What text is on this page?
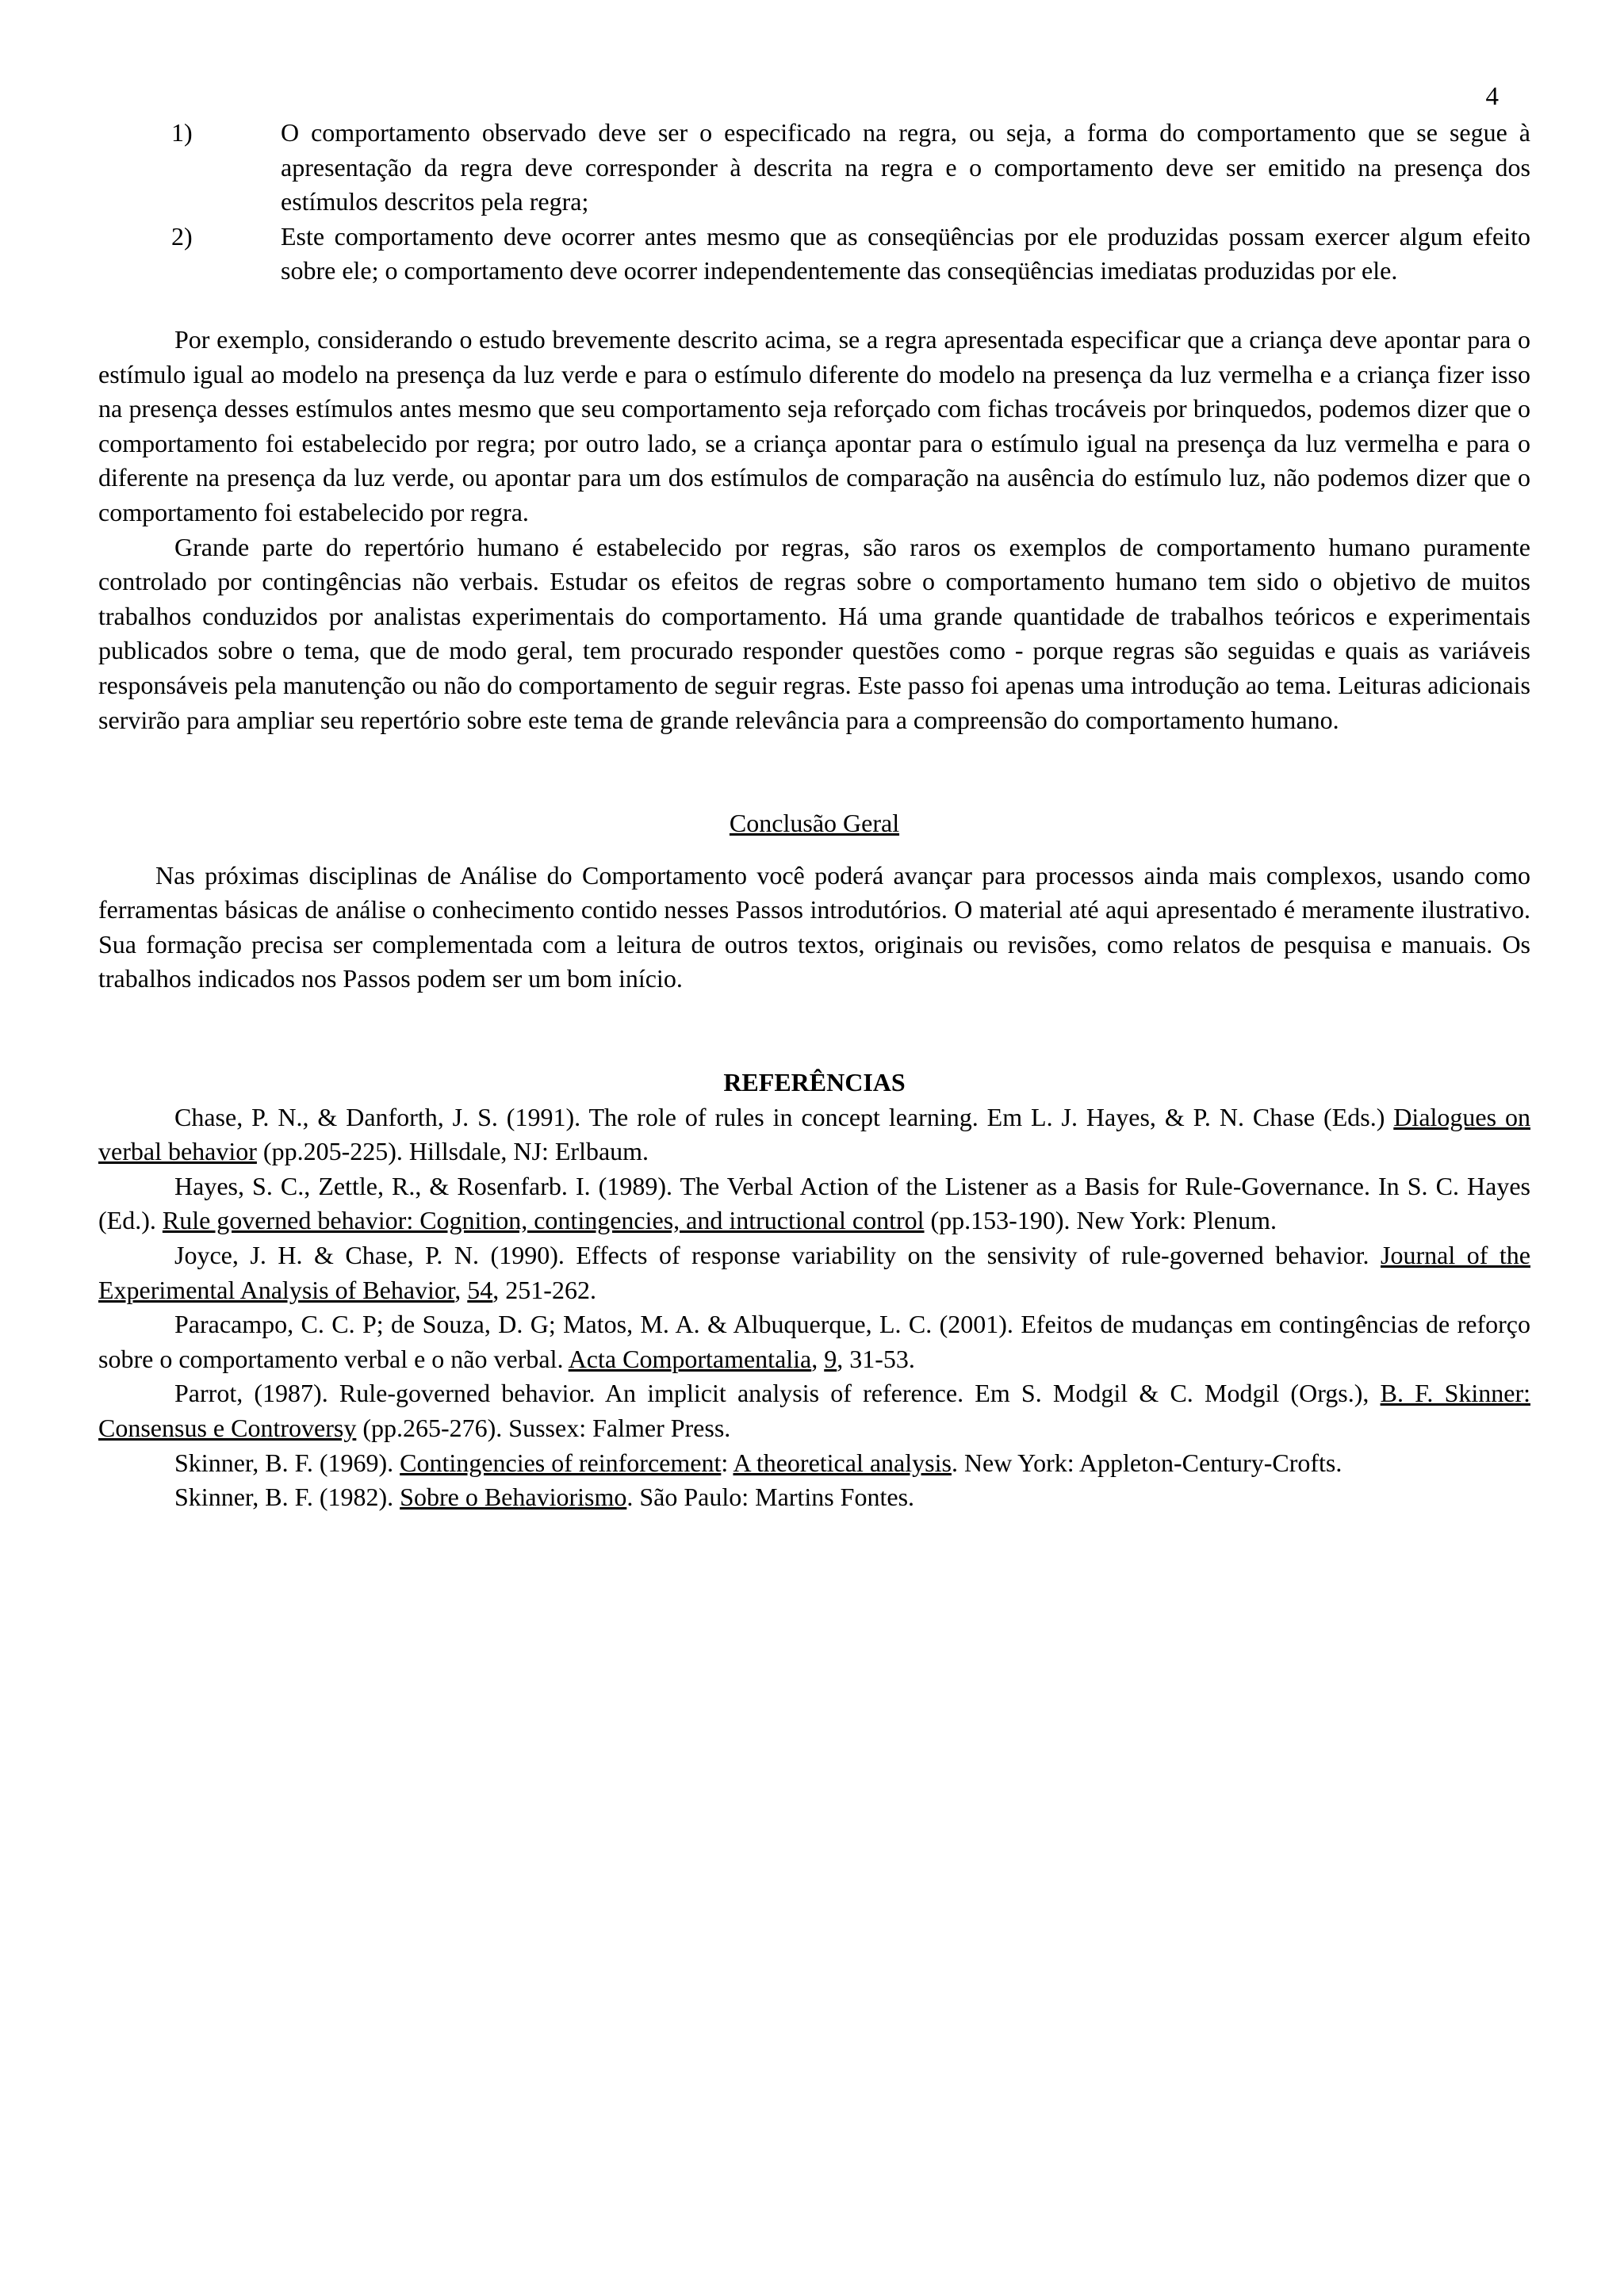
4
1)	O comportamento observado deve ser o especificado na regra, ou seja, a forma do comportamento que se segue à apresentação da regra deve corresponder à descrita na regra e o comportamento deve ser emitido na presença dos estímulos descritos pela regra;
2)	Este comportamento deve ocorrer antes mesmo que as conseqüências por ele produzidas possam exercer algum efeito sobre ele; o comportamento deve ocorrer independentemente das conseqüências imediatas produzidas por ele.

Por exemplo, considerando o estudo brevemente descrito acima, se a regra apresentada especificar que a criança deve apontar para o estímulo igual ao modelo na presença da luz verde e para o estímulo diferente do modelo na presença da luz vermelha e a criança fizer isso na presença desses estímulos antes mesmo que seu comportamento seja reforçado com fichas trocáveis por brinquedos, podemos dizer que o comportamento foi estabelecido por regra; por outro lado, se a criança apontar para o estímulo igual na presença da luz vermelha e para o diferente na presença da luz verde, ou apontar para um dos estímulos de comparação na ausência do estímulo luz, não podemos dizer que o comportamento foi estabelecido por regra.

Grande parte do repertório humano é estabelecido por regras, são raros os exemplos de comportamento humano puramente controlado por contingências não verbais. Estudar os efeitos de regras sobre o comportamento humano tem sido o objetivo de muitos trabalhos conduzidos por analistas experimentais do comportamento. Há uma grande quantidade de trabalhos teóricos e experimentais publicados sobre o tema, que de modo geral, tem procurado responder questões como - porque regras são seguidas e quais as variáveis responsáveis pela manutenção ou não do comportamento de seguir regras. Este passo foi apenas uma introdução ao tema. Leituras adicionais servirão para ampliar seu repertório sobre este tema de grande relevância para a compreensão do comportamento humano.

Conclusão Geral

Nas próximas disciplinas de Análise do Comportamento você poderá avançar para processos ainda mais complexos, usando como ferramentas básicas de análise o conhecimento contido nesses Passos introdutórios. O material até aqui apresentado é meramente ilustrativo. Sua formação precisa ser complementada com a leitura de outros textos, originais ou revisões, como relatos de pesquisa e manuais. Os trabalhos indicados nos Passos podem ser um bom início.

REFERÊNCIAS

Chase, P. N., & Danforth, J. S. (1991). The role of rules in concept learning. Em L. J. Hayes, & P. N. Chase (Eds.) Dialogues on verbal behavior (pp.205-225). Hillsdale, NJ: Erlbaum.

Hayes, S. C., Zettle, R., & Rosenfarb. I. (1989). The Verbal Action of the Listener as a Basis for Rule-Governance. In S. C. Hayes (Ed.). Rule governed behavior: Cognition, contingencies, and intructional control (pp.153-190). New York: Plenum.

Joyce, J. H. & Chase, P. N. (1990). Effects of response variability on the sensivity of rule-governed behavior. Journal of the Experimental Analysis of Behavior, 54, 251-262.

Paracampo, C. C. P; de Souza, D. G; Matos, M. A. & Albuquerque, L. C. (2001). Efeitos de mudanças em contingências de reforço sobre o comportamento verbal e o não verbal. Acta Comportamentalia, 9, 31-53.

Parrot, (1987). Rule-governed behavior. An implicit analysis of reference. Em S. Modgil & C. Modgil (Orgs.), B. F. Skinner: Consensus e Controversy (pp.265-276). Sussex: Falmer Press.

Skinner, B. F. (1969). Contingencies of reinforcement: A theoretical analysis. New York: Appleton-Century-Crofts.

Skinner, B. F. (1982). Sobre o Behaviorismo. São Paulo: Martins Fontes.
